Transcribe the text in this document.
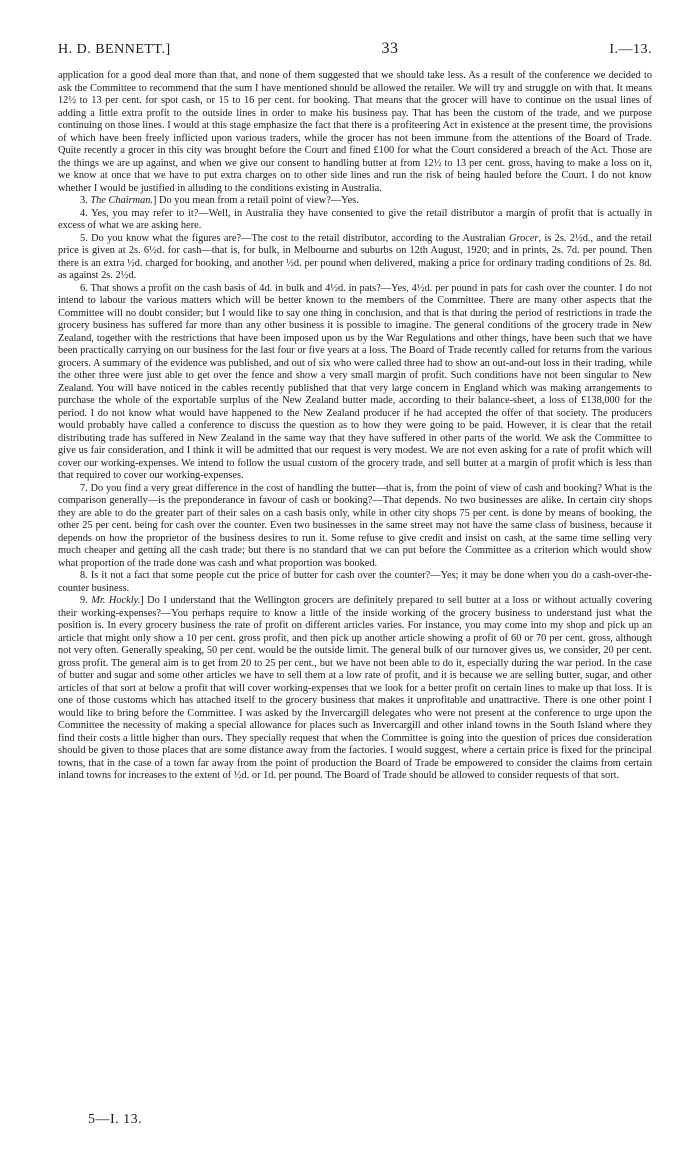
H. D. BENNETT.]	33	I.—13.

application for a good deal more than that, and none of them suggested that we should take less. As a result of the conference we decided to ask the Committee to recommend that the sum I have mentioned should be allowed the retailer. We will try and struggle on with that. It means 12½ to 13 per cent. for spot cash, or 15 to 16 per cent. for booking. That means that the grocer will have to continue on the usual lines of adding a little extra profit to the outside lines in order to make his business pay. That has been the custom of the trade, and we purpose continuing on those lines. I would at this stage emphasize the fact that there is a profiteering Act in existence at the present time, the provisions of which have been freely inflicted upon various traders, while the grocer has not been immune from the attentions of the Board of Trade. Quite recently a grocer in this city was brought before the Court and fined £100 for what the Court considered a breach of the Act. Those are the things we are up against, and when we give our consent to handling butter at from 12½ to 13 per cent. gross, having to make a loss on it, we know at once that we have to put extra charges on to other side lines and run the risk of being hauled before the Court. I do not know whether I would be justified in alluding to the conditions existing in Australia.

3. The Chairman.] Do you mean from a retail point of view?—Yes.

4. Yes, you may refer to it?—Well, in Australia they have consented to give the retail distributor a margin of profit that is actually in excess of what we are asking here.

5. Do you know what the figures are?—The cost to the retail distributor, according to the Australian Grocer, is 2s. 2½d., and the retail price is given at 2s. 6½d. for cash—that is, for bulk, in Melbourne and suburbs on 12th August, 1920; and in prints, 2s. 7d. per pound. Then there is an extra ½d. charged for booking, and another ½d. per pound when delivered, making a price for ordinary trading conditions of 2s. 8d. as against 2s. 2½d.

6. That shows a profit on the cash basis of 4d. in bulk and 4½d. in pats?—Yes, 4½d. per pound in pats for cash over the counter. I do not intend to labour the various matters which will be better known to the members of the Committee. There are many other aspects that the Committee will no doubt consider; but I would like to say one thing in conclusion, and that is that during the period of restrictions in trade the grocery business has suffered far more than any other business it is possible to imagine. The general conditions of the grocery trade in New Zealand, together with the restrictions that have been imposed upon us by the War Regulations and other things, have been such that we have been practically carrying on our business for the last four or five years at a loss. The Board of Trade recently called for returns from the various grocers. A summary of the evidence was published, and out of six who were called three had to show an out-and-out loss in their trading, while the other three were just able to get over the fence and show a very small margin of profit. Such conditions have not been singular to New Zealand. You will have noticed in the cables recently published that that very large concern in England which was making arrangements to purchase the whole of the exportable surplus of the New Zealand butter made, according to their balance-sheet, a loss of £138,000 for the period. I do not know what would have happened to the New Zealand producer if he had accepted the offer of that society. The producers would probably have called a conference to discuss the question as to how they were going to be paid. However, it is clear that the retail distributing trade has suffered in New Zealand in the same way that they have suffered in other parts of the world. We ask the Committee to give us fair consideration, and I think it will be admitted that our request is very modest. We are not even asking for a rate of profit which will cover our working-expenses. We intend to follow the usual custom of the grocery trade, and sell butter at a margin of profit which is less than that required to cover our working-expenses.

7. Do you find a very great difference in the cost of handling the butter—that is, from the point of view of cash and booking? What is the comparison generally—is the preponderance in favour of cash or booking?—That depends. No two businesses are alike. In certain city shops they are able to do the greater part of their sales on a cash basis only, while in other city shops 75 per cent. is done by means of booking, the other 25 per cent. being for cash over the counter. Even two businesses in the same street may not have the same class of business, because it depends on how the proprietor of the business desires to run it. Some refuse to give credit and insist on cash, at the same time selling very much cheaper and getting all the cash trade; but there is no standard that we can put before the Committee as a criterion which would show what proportion of the trade done was cash and what proportion was booked.

8. Is it not a fact that some people cut the price of butter for cash over the counter?—Yes; it may be done when you do a cash-over-the-counter business.

9. Mr. Hockly.] Do I understand that the Wellington grocers are definitely prepared to sell butter at a loss or without actually covering their working-expenses?—You perhaps require to know a little of the inside working of the grocery business to understand just what the position is. In every grocery business the rate of profit on different articles varies. For instance, you may come into my shop and pick up an article that might only show a 10 per cent. gross profit, and then pick up another article showing a profit of 60 or 70 per cent. gross, although not very often. Generally speaking, 50 per cent. would be the outside limit. The general bulk of our turnover gives us, we consider, 20 per cent. gross profit. The general aim is to get from 20 to 25 per cent., but we have not been able to do it, especially during the war period. In the case of butter and sugar and some other articles we have to sell them at a low rate of profit, and it is because we are selling butter, sugar, and other articles of that sort at below a profit that will cover working-expenses that we look for a better profit on certain lines to make up that loss. It is one of those customs which has attached itself to the grocery business that makes it unprofitable and unattractive. There is one other point I would like to bring before the Committee. I was asked by the Invercargill delegates who were not present at the conference to urge upon the Committee the necessity of making a special allowance for places such as Invercargill and other inland towns in the South Island where they find their costs a little higher than ours. They specially request that when the Committee is going into the question of prices due consideration should be given to those places that are some distance away from the factories. I would suggest, where a certain price is fixed for the principal towns, that in the case of a town far away from the point of production the Board of Trade be empowered to consider the claims from certain inland towns for increases to the extent of ½d. or 1d. per pound. The Board of Trade should be allowed to consider requests of that sort.

5—I. 13.
